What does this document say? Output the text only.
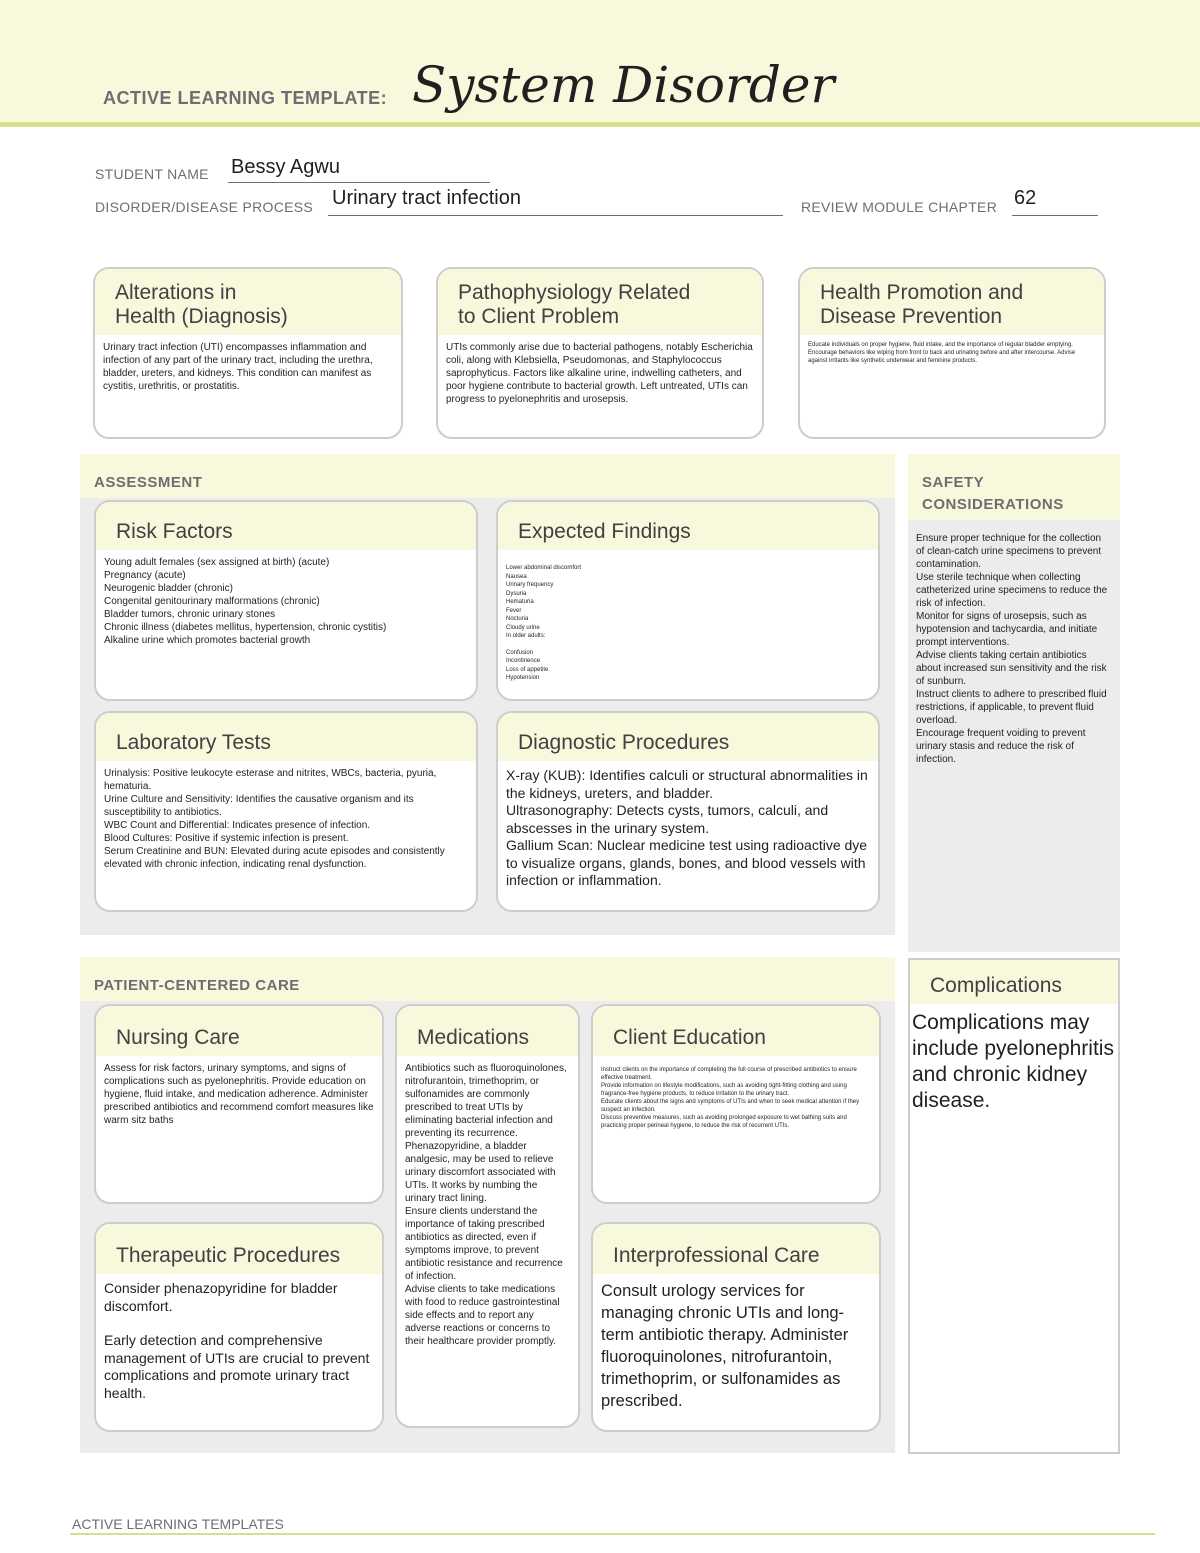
ACTIVE LEARNING TEMPLATE: System Disorder
STUDENT NAME Bessy Agwu
DISORDER/DISEASE PROCESS Urinary tract infection	REVIEW MODULE CHAPTER 62
Alterations in
Health (Diagnosis)
Urinary tract infection (UTI) encompasses inflammation and infection of any part of the urinary tract, including the urethra, bladder, ureters, and kidneys. This condition can manifest as cystitis, urethritis, or prostatitis.
Pathophysiology Related
to Client Problem
UTIs commonly arise due to bacterial pathogens, notably Escherichia coli, along with Klebsiella, Pseudomonas, and Staphylococcus saprophyticus. Factors like alkaline urine, indwelling catheters, and poor hygiene contribute to bacterial growth. Left untreated, UTIs can progress to pyelonephritis and urosepsis.
Health Promotion and
Disease Prevention
Educate individuals on proper hygiene, fluid intake, and the importance of regular bladder emptying. Encourage behaviors like wiping from front to back and urinating before and after intercourse. Advise against irritants like synthetic underwear and feminine products.
ASSESSMENT
Risk Factors
Young adult females (sex assigned at birth) (acute)
Pregnancy (acute)
Neurogenic bladder (chronic)
Congenital genitourinary malformations (chronic)
Bladder tumors, chronic urinary stones
Chronic illness (diabetes mellitus, hypertension, chronic cystitis)
Alkaline urine which promotes bacterial growth
Expected Findings
Lower abdominal discomfort
Nausea
Urinary frequency
Dysuria
Hematuria
Fever
Nocturia
Cloudy urine
In older adults:
Confusion
Incontinence
Loss of appetite
Hypotension
Laboratory Tests
Urinalysis: Positive leukocyte esterase and nitrites, WBCs, bacteria, pyuria, hematuria.
Urine Culture and Sensitivity: Identifies the causative organism and its susceptibility to antibiotics.
WBC Count and Differential: Indicates presence of infection.
Blood Cultures: Positive if systemic infection is present.
Serum Creatinine and BUN: Elevated during acute episodes and consistently elevated with chronic infection, indicating renal dysfunction.
Diagnostic Procedures
X-ray (KUB): Identifies calculi or structural abnormalities in the kidneys, ureters, and bladder.
Ultrasonography: Detects cysts, tumors, calculi, and abscesses in the urinary system.
Gallium Scan: Nuclear medicine test using radioactive dye to visualize organs, glands, bones, and blood vessels with infection or inflammation.
SAFETY CONSIDERATIONS
Ensure proper technique for the collection of clean-catch urine specimens to prevent contamination.
Use sterile technique when collecting catheterized urine specimens to reduce the risk of infection.
Monitor for signs of urosepsis, such as hypotension and tachycardia, and initiate prompt interventions.
Advise clients taking certain antibiotics about increased sun sensitivity and the risk of sunburn.
Instruct clients to adhere to prescribed fluid restrictions, if applicable, to prevent fluid overload.
Encourage frequent voiding to prevent urinary stasis and reduce the risk of infection.
PATIENT-CENTERED CARE
Nursing Care
Assess for risk factors, urinary symptoms, and signs of complications such as pyelonephritis. Provide education on hygiene, fluid intake, and medication adherence. Administer prescribed antibiotics and recommend comfort measures like warm sitz baths
Medications
Antibiotics such as fluoroquinolones, nitrofurantoin, trimethoprim, or sulfonamides are commonly prescribed to treat UTIs by eliminating bacterial infection and preventing its recurrence.
Phenazopyridine, a bladder analgesic, may be used to relieve urinary discomfort associated with UTIs. It works by numbing the urinary tract lining.
Ensure clients understand the importance of taking prescribed antibiotics as directed, even if symptoms improve, to prevent antibiotic resistance and recurrence of infection.
Advise clients to take medications with food to reduce gastrointestinal side effects and to report any adverse reactions or concerns to their healthcare provider promptly.
Client Education
Instruct clients on the importance of completing the full course of prescribed antibiotics to ensure effective treatment.
Provide information on lifestyle modifications, such as avoiding tight-fitting clothing and using fragrance-free hygiene products, to reduce irritation to the urinary tract.
Educate clients about the signs and symptoms of UTIs and when to seek medical attention if they suspect an infection.
Discuss preventive measures, such as avoiding prolonged exposure to wet bathing suits and practicing proper perineal hygiene, to reduce the risk of recurrent UTIs.
Therapeutic Procedures
Consider phenazopyridine for bladder discomfort.
Early detection and comprehensive management of UTIs are crucial to prevent complications and promote urinary tract health.
Interprofessional Care
Consult urology services for managing chronic UTIs and long-term antibiotic therapy. Administer fluoroquinolones, nitrofurantoin, trimethoprim, or sulfonamides as prescribed.
Complications
Complications may include pyelonephritis and chronic kidney disease.
ACTIVE LEARNING TEMPLATES
